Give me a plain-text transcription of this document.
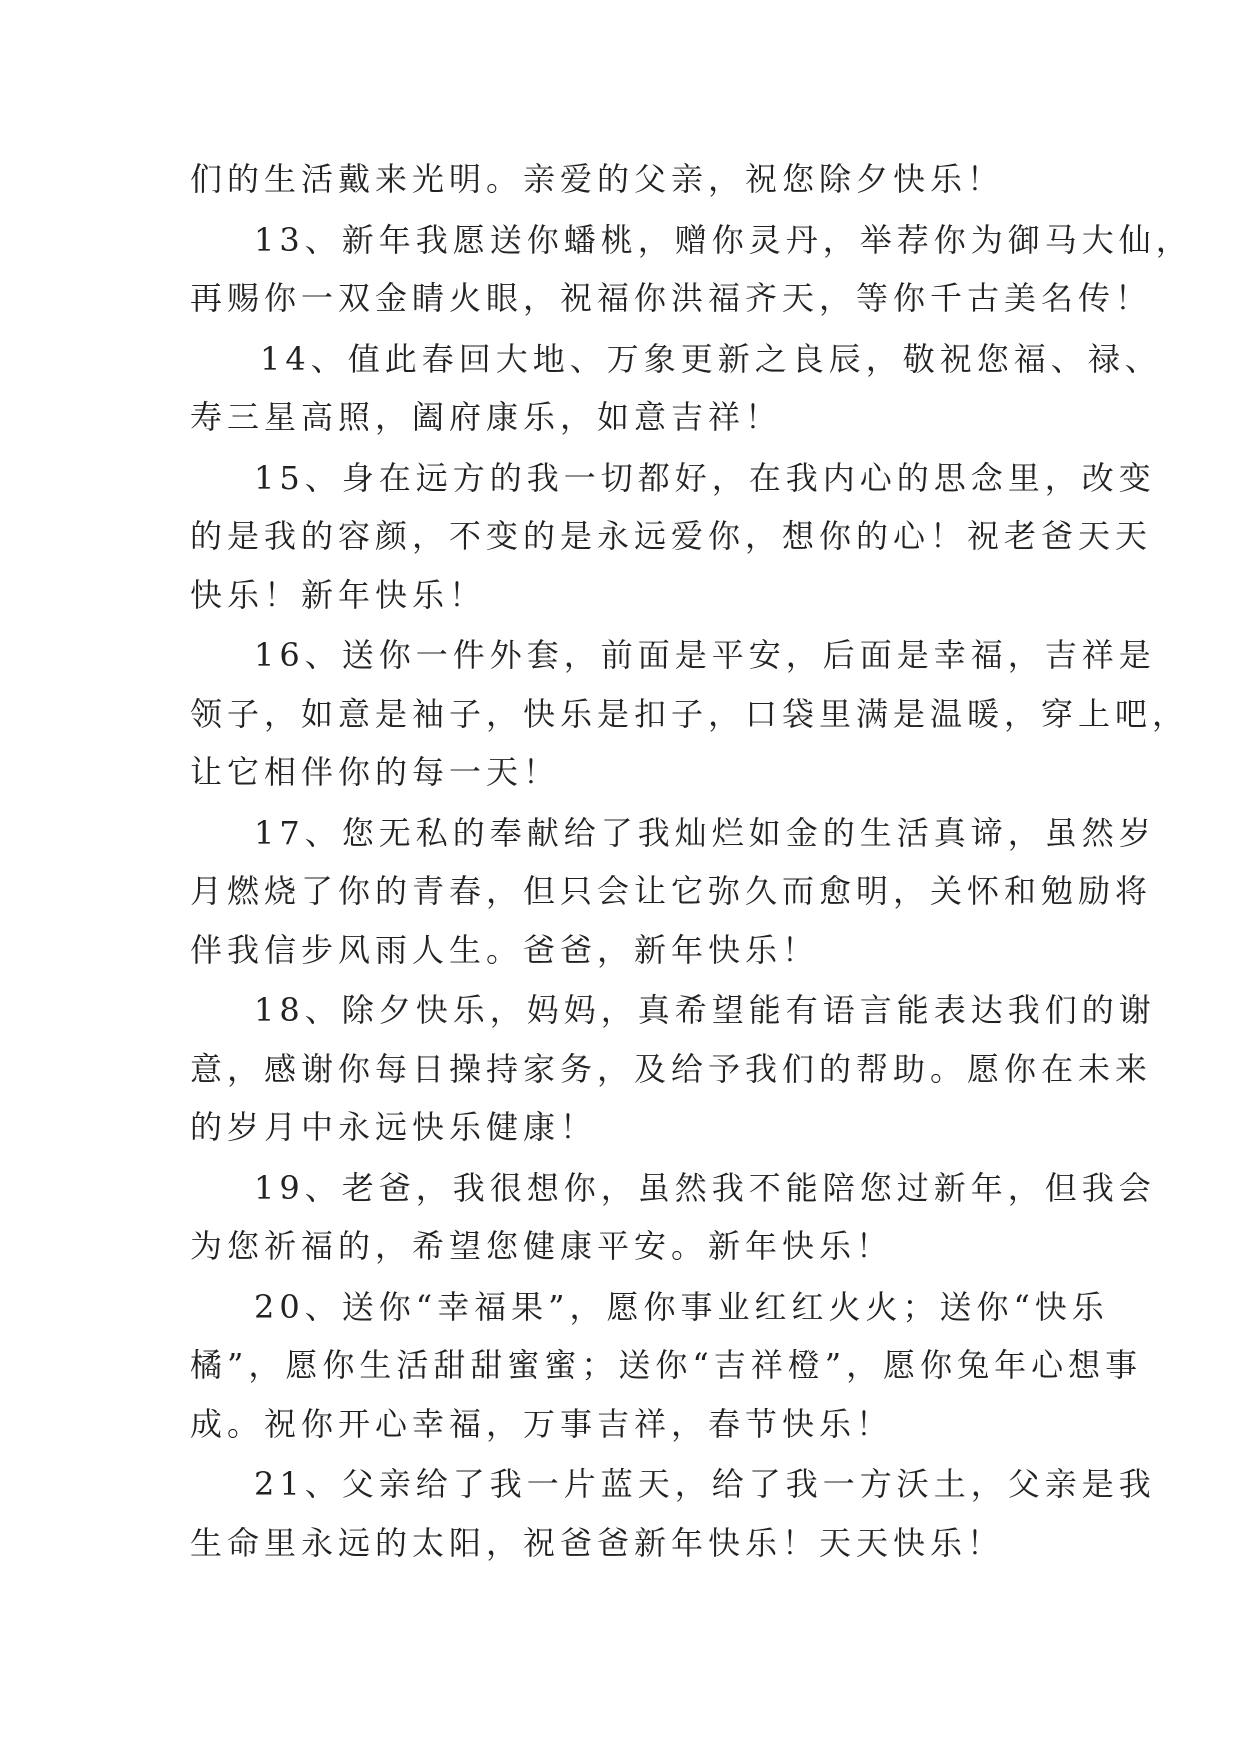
们的生活戴来光明。亲爱的父亲，祝您除夕快乐！

13、新年我愿送你蟠桃，赠你灵丹，举荐你为御马大仙，
再赐你一双金睛火眼，祝福你洪福齐天，等你千古美名传！

14、值此春回大地、万象更新之良辰，敬祝您福、禄、
寿三星高照，阖府康乐，如意吉祥！

15、身在远方的我一切都好，在我内心的思念里，改变
的是我的容颜，不变的是永远爱你，想你的心！祝老爸天天
快乐！新年快乐！

16、送你一件外套，前面是平安，后面是幸福，吉祥是
领子，如意是袖子，快乐是扣子，口袋里满是温暖，穿上吧，
让它相伴你的每一天！

17、您无私的奉献给了我灿烂如金的生活真谛，虽然岁
月燃烧了你的青春，但只会让它弥久而愈明，关怀和勉励将
伴我信步风雨人生。爸爸，新年快乐！

18、除夕快乐，妈妈，真希望能有语言能表达我们的谢
意，感谢你每日操持家务，及给予我们的帮助。愿你在未来
的岁月中永远快乐健康！

19、老爸，我很想你，虽然我不能陪您过新年，但我会
为您祈福的，希望您健康平安。新年快乐！

20、送你“幸福果”，愿你事业红红火火；送你“快乐
橘”，愿你生活甜甜蜜蜜；送你“吉祥橙”，愿你兔年心想事
成。祝你开心幸福，万事吉祥，春节快乐！

21、父亲给了我一片蓝天，给了我一方沃土，父亲是我
生命里永远的太阳，祝爸爸新年快乐！天天快乐！
